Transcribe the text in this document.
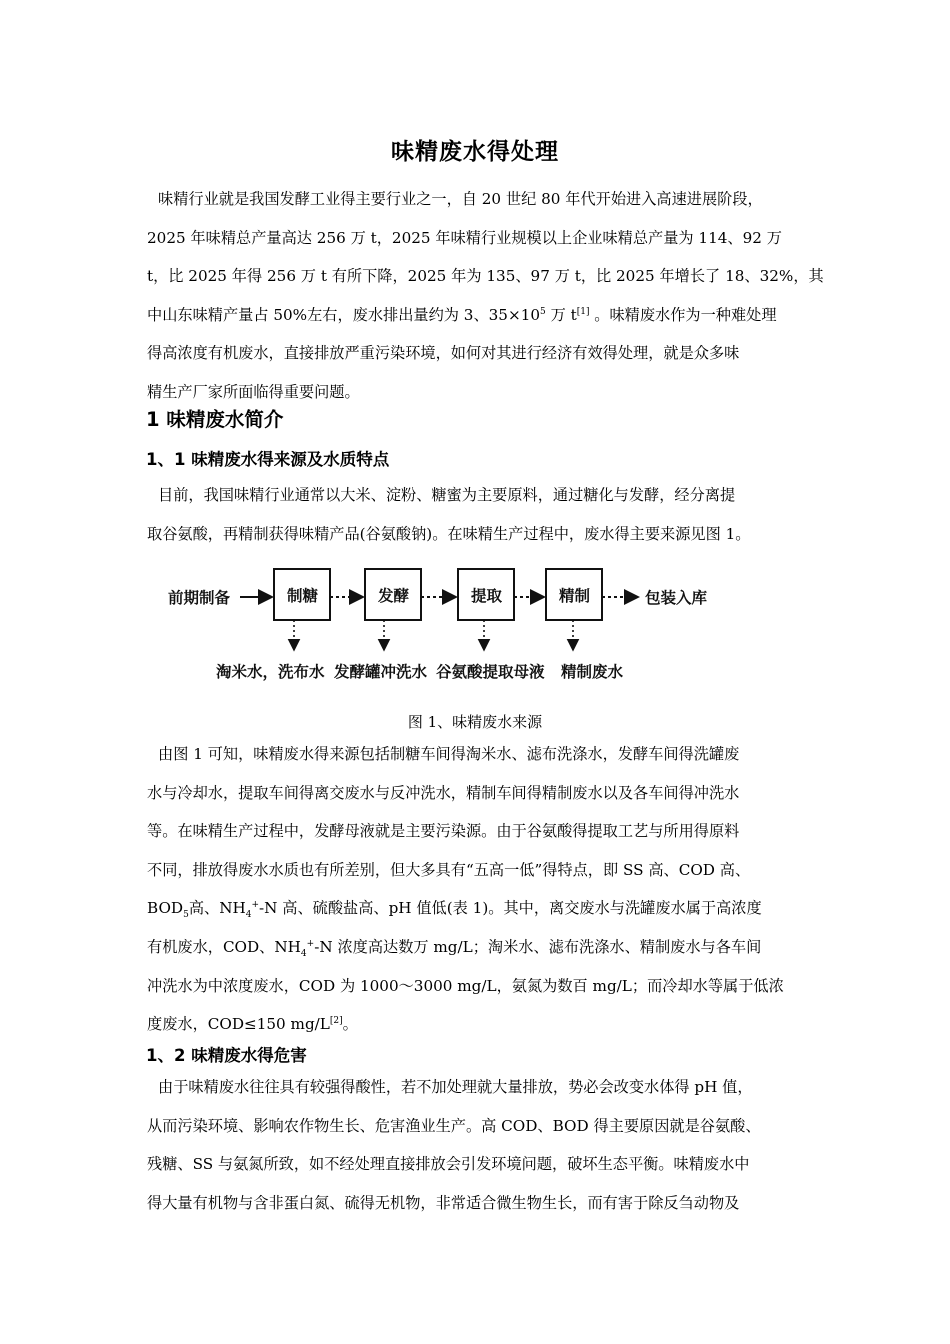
味精废水得处理
味精行业就是我国发酵工业得主要行业之一，自 20 世纪 80 年代开始进入高速进展阶段，
2025 年味精总产量高达 256 万 t，2025 年味精行业规模以上企业味精总产量为 114、92 万
t，比 2025 年得 256 万 t 有所下降，2025 年为 135、97 万 t，比 2025 年增长了 18、32%，其
中山东味精产量占 50%左右，废水排出量约为 3、$35\times 10^5$ 万 t[1] 。味精废水作为一种难处理
得高浓度有机废水，直接排放严重污染环境，如何对其进行经济有效得处理，就是众多味
精生产厂家所面临得重要问题。
1 味精废水简介
1、1 味精废水得来源及水质特点
目前，我国味精行业通常以大米、淀粉、糖蜜为主要原料，通过糖化与发酵，经分离提
取谷氨酸，再精制获得味精产品(谷氨酸钠)。在味精生产过程中，废水得主要来源见图 1。
前期制备	制糖	发酵	提取	精制	包装入库
淘米水，洗布水 发酵罐冲洗水 谷氨酸提取母液 精制废水
图 1、味精废水来源
由图 1 可知，味精废水得来源包括制糖车间得淘米水、滤布洗涤水，发酵车间得洗罐废
水与冷却水，提取车间得离交废水与反冲洗水，精制车间得精制废水以及各车间得冲洗水
等。在味精生产过程中，发酵母液就是主要污染源。由于谷氨酸得提取工艺与所用得原料
不同，排放得废水水质也有所差别，但大多具有“五高一低”得特点，即 SS 高、COD 高、
$BOD_5$高、$NH_4^+-N$ 高、硫酸盐高、pH 值低(表 1)。其中，离交废水与洗罐废水属于高浓度
有机废水，COD、$NH_4^+-N$ 浓度高达数万 mg/L；淘米水、滤布洗涤水、精制废水与各车间
冲洗水为中浓度废水，COD 为 1000～3000 mg/L，氨氮为数百 mg/L；而冷却水等属于低浓
度废水，COD≤150 mg/L[2]。
1、2 味精废水得危害
由于味精废水往往具有较强得酸性，若不加处理就大量排放，势必会改变水体得 pH 值，
从而污染环境、影响农作物生长、危害渔业生产。高 COD、BOD 得主要原因就是谷氨酸、
残糖、SS 与氨氮所致，如不经处理直接排放会引发环境问题，破坏生态平衡。味精废水中
得大量有机物与含非蛋白氮、硫得无机物，非常适合微生物生长，而有害于除反刍动物及
